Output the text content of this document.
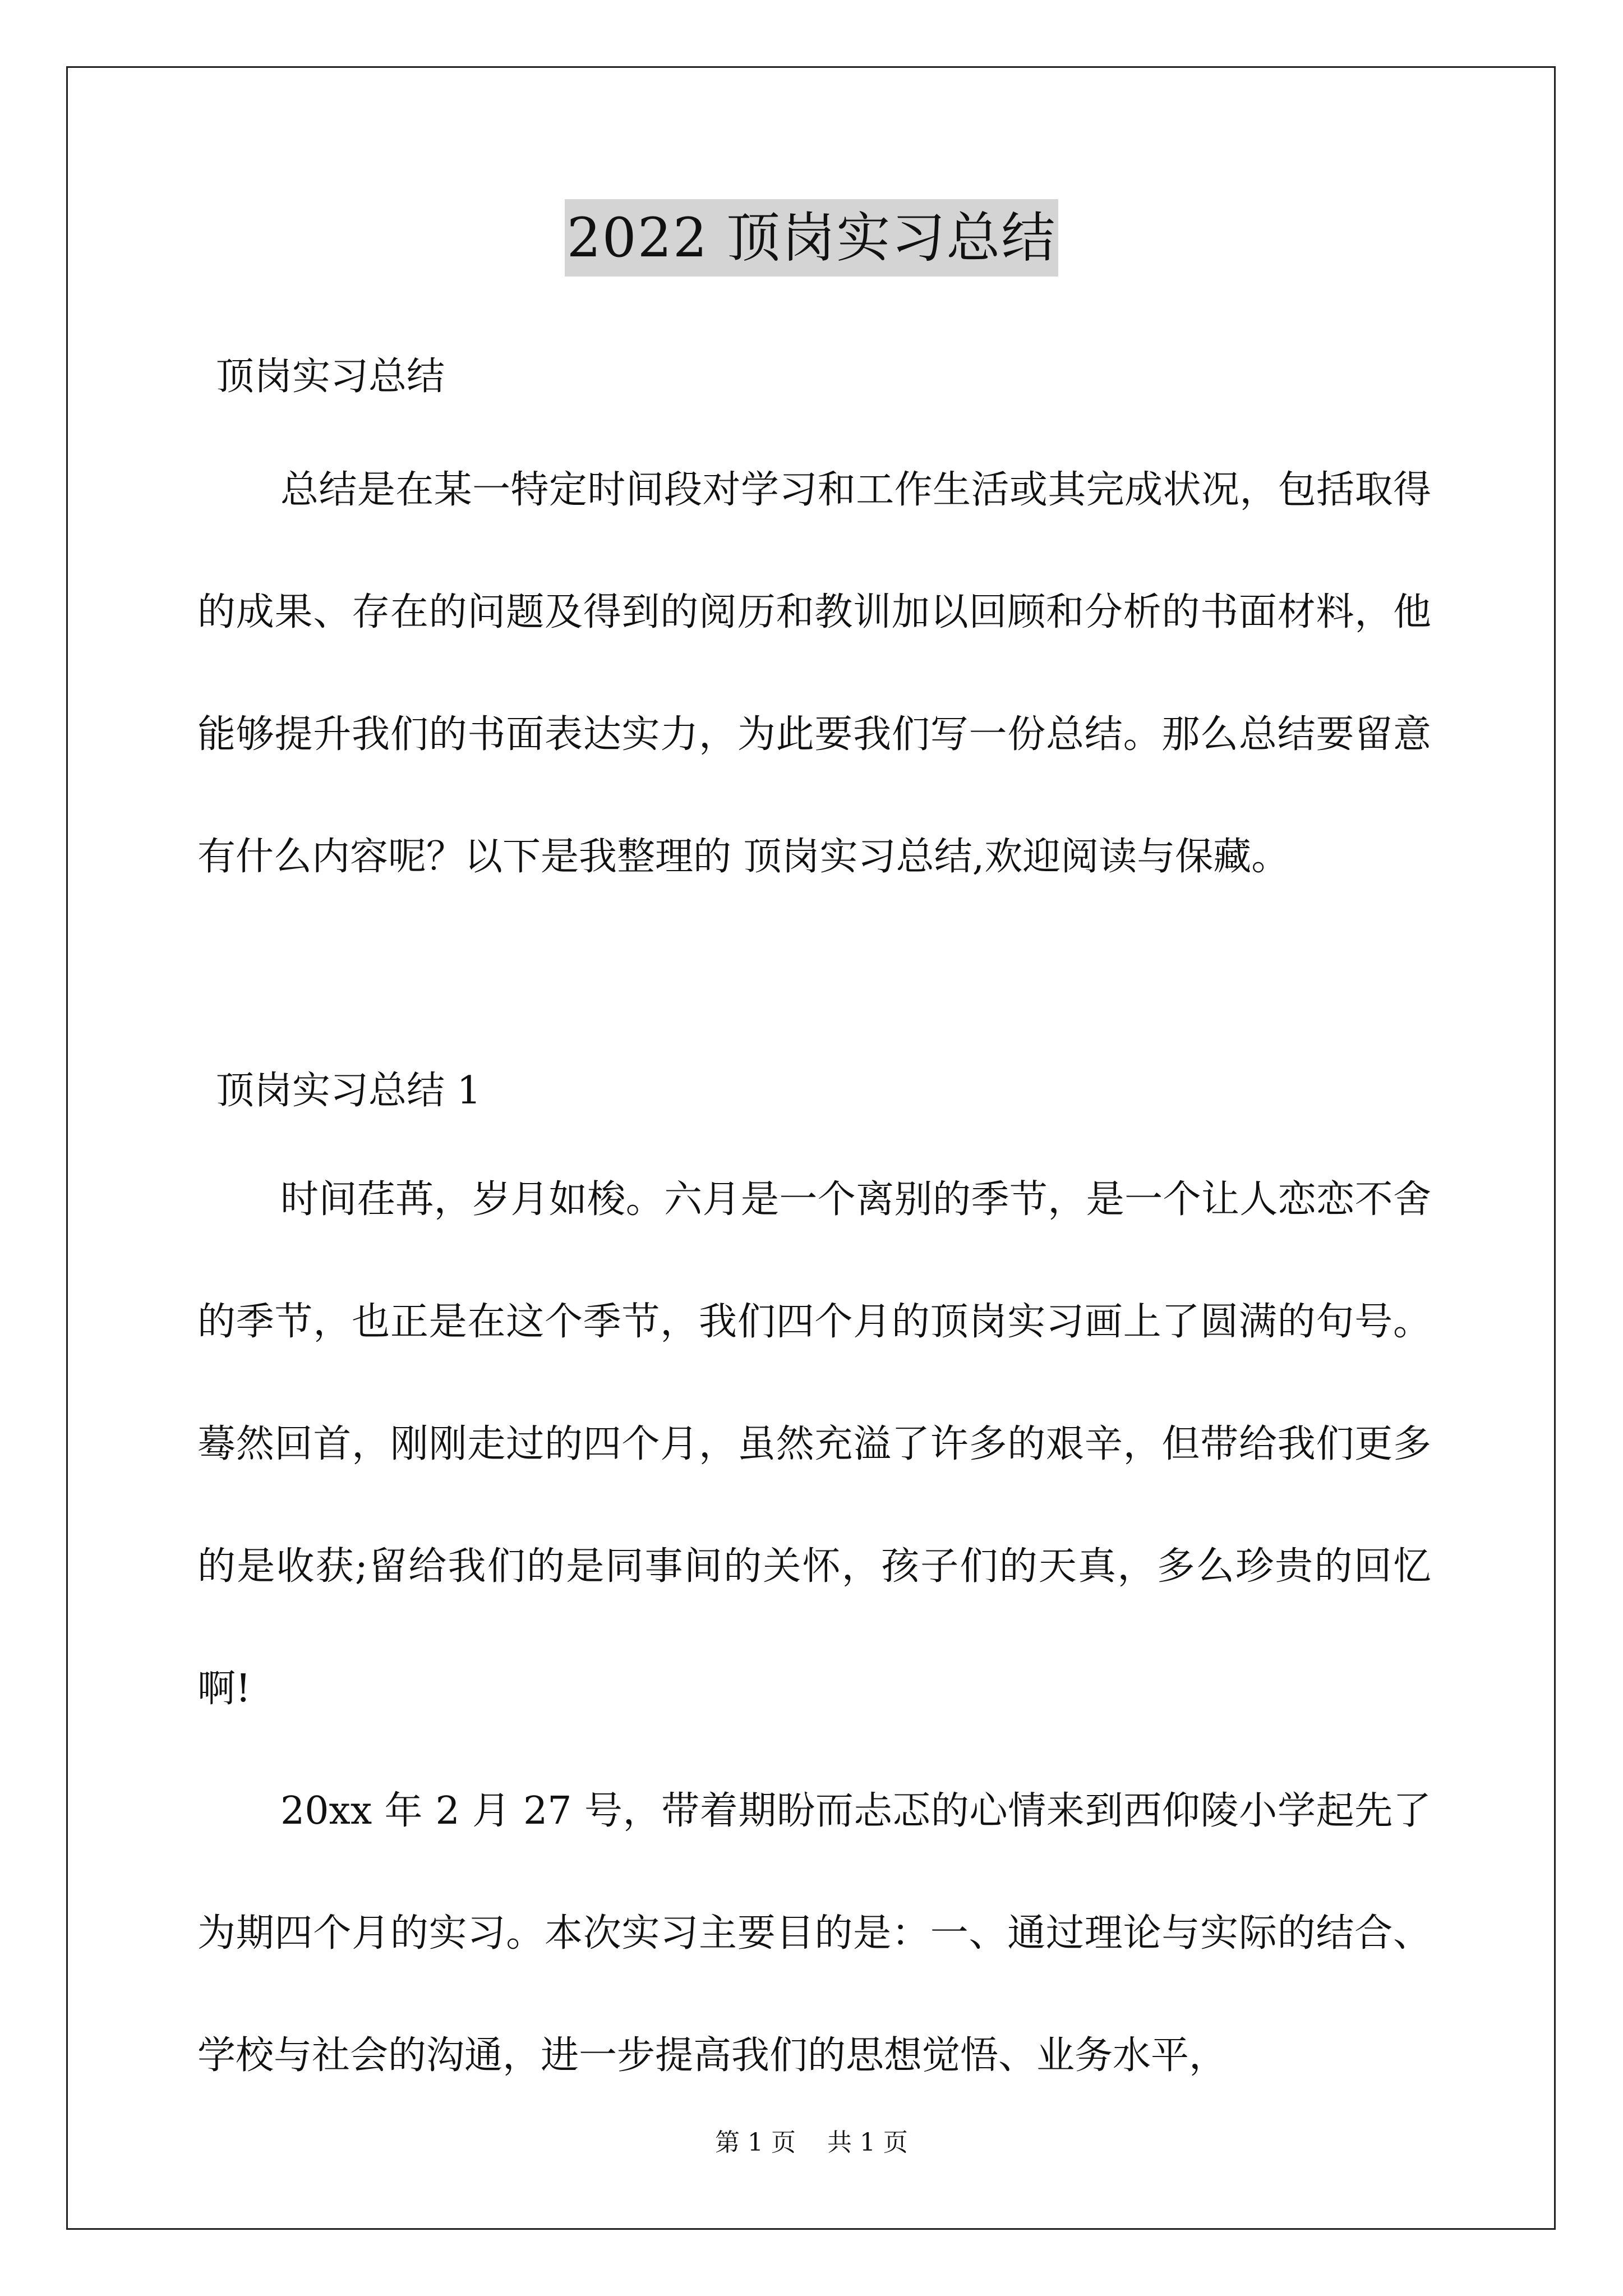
2022 顶岗实习总结
顶岗实习总结

总结是在某一特定时间段对学习和工作生活或其完成状况，包括取得的成果、存在的问题及得到的阅历和教训加以回顾和分析的书面材料，他能够提升我们的书面表达实力，为此要我们写一份总结。那么总结要留意有什么内容呢？以下是我整理的 顶岗实习总结,欢迎阅读与保藏。

顶岗实习总结 1

时间荏苒，岁月如梭。六月是一个离别的季节，是一个让人恋恋不舍的季节，也正是在这个季节，我们四个月的顶岗实习画上了圆满的句号。蓦然回首，刚刚走过的四个月，虽然充溢了许多的艰辛，但带给我们更多的是收获;留给我们的是同事间的关怀，孩子们的天真，多么珍贵的回忆啊!

20xx 年 2 月 27 号，带着期盼而忐忑的心情来到西仰陵小学起先了为期四个月的实习。本次实习主要目的是：一、通过理论与实际的结合、学校与社会的沟通，进一步提高我们的思想觉悟、业务水平，

第 1 页    共 1 页
